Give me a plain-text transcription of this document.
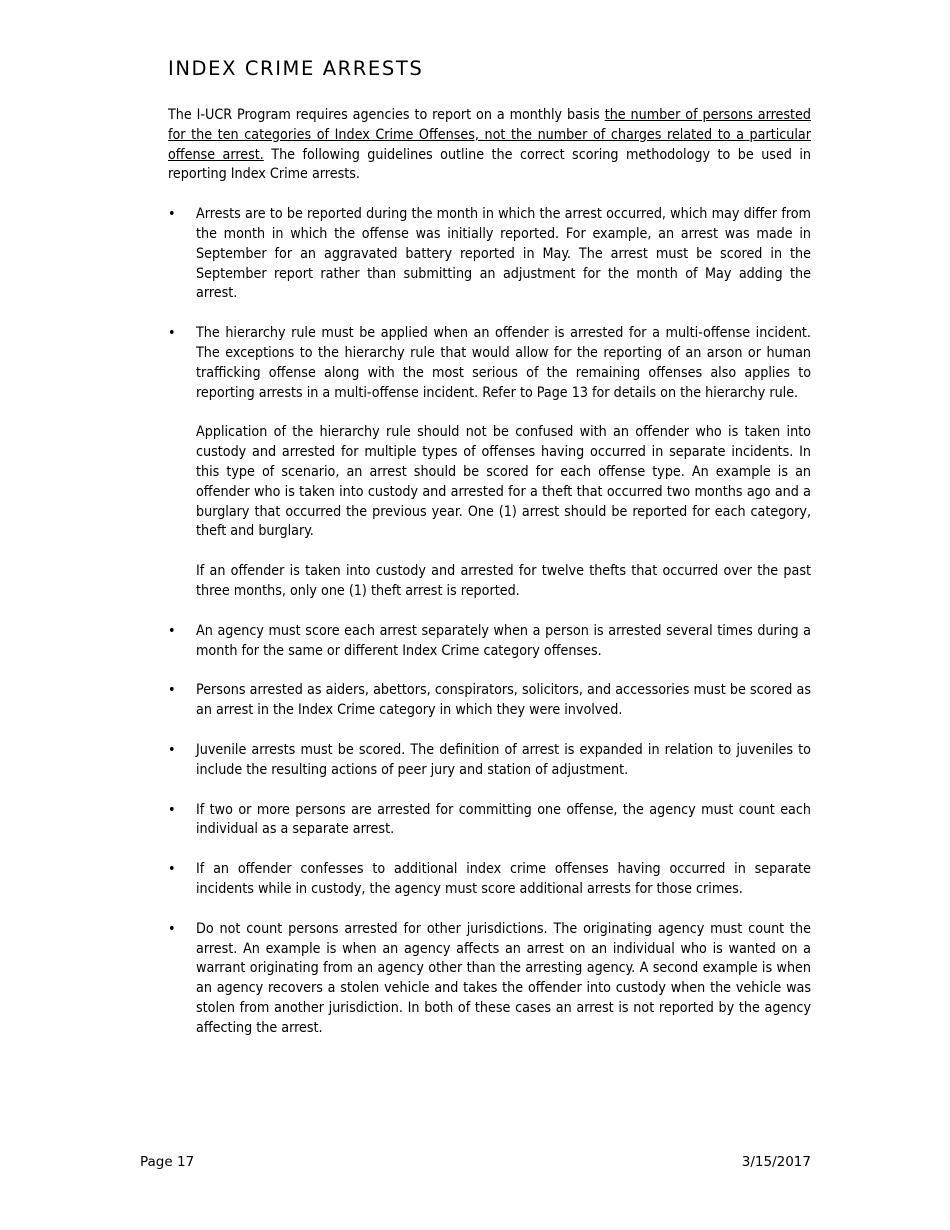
INDEX CRIME ARRESTS

The I-UCR Program requires agencies to report on a monthly basis the number of persons arrested for the ten categories of Index Crime Offenses, not the number of charges related to a particular offense arrest. The following guidelines outline the correct scoring methodology to be used in reporting Index Crime arrests.

• Arrests are to be reported during the month in which the arrest occurred, which may differ from the month in which the offense was initially reported. For example, an arrest was made in September for an aggravated battery reported in May. The arrest must be scored in the September report rather than submitting an adjustment for the month of May adding the arrest.

• The hierarchy rule must be applied when an offender is arrested for a multi-offense incident. The exceptions to the hierarchy rule that would allow for the reporting of an arson or human trafficking offense along with the most serious of the remaining offenses also applies to reporting arrests in a multi-offense incident. Refer to Page 13 for details on the hierarchy rule.

Application of the hierarchy rule should not be confused with an offender who is taken into custody and arrested for multiple types of offenses having occurred in separate incidents. In this type of scenario, an arrest should be scored for each offense type. An example is an offender who is taken into custody and arrested for a theft that occurred two months ago and a burglary that occurred the previous year. One (1) arrest should be reported for each category, theft and burglary.

If an offender is taken into custody and arrested for twelve thefts that occurred over the past three months, only one (1) theft arrest is reported.

• An agency must score each arrest separately when a person is arrested several times during a month for the same or different Index Crime category offenses.

• Persons arrested as aiders, abettors, conspirators, solicitors, and accessories must be scored as an arrest in the Index Crime category in which they were involved.

• Juvenile arrests must be scored. The definition of arrest is expanded in relation to juveniles to include the resulting actions of peer jury and station of adjustment.

• If two or more persons are arrested for committing one offense, the agency must count each individual as a separate arrest.

• If an offender confesses to additional index crime offenses having occurred in separate incidents while in custody, the agency must score additional arrests for those crimes.

• Do not count persons arrested for other jurisdictions. The originating agency must count the arrest. An example is when an agency affects an arrest on an individual who is wanted on a warrant originating from an agency other than the arresting agency. A second example is when an agency recovers a stolen vehicle and takes the offender into custody when the vehicle was stolen from another jurisdiction. In both of these cases an arrest is not reported by the agency affecting the arrest.

Page 17	3/15/2017
